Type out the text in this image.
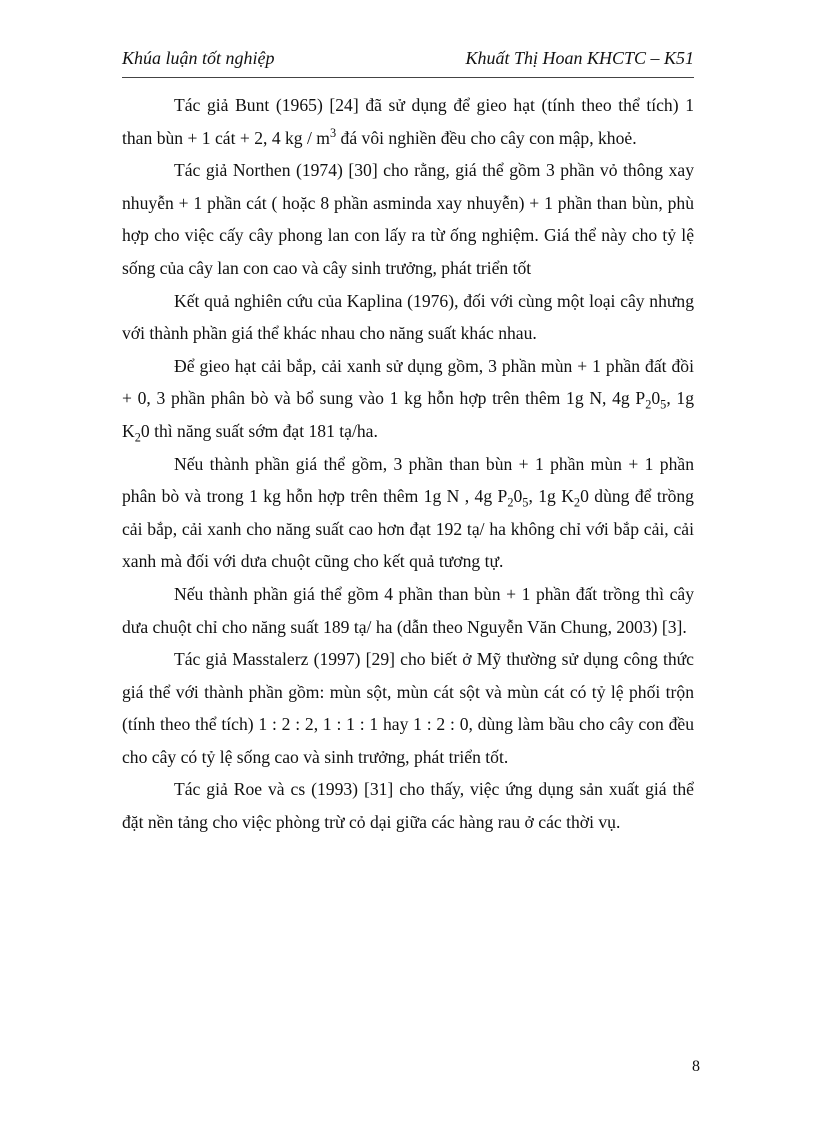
Khúa luận tốt nghiệp	Khuất Thị Hoan KHCTC – K51

Tác giả Bunt (1965) [24] đã sử dụng để gieo hạt (tính theo thể tích) 1 than bùn + 1 cát + 2, 4 kg / $m^3$ đá vôi nghiền đều cho cây con mập, khoẻ.

Tác giả Northen (1974) [30] cho rằng, giá thể gồm 3 phần vỏ thông xay nhuyễn + 1 phần cát ( hoặc 8 phần asminda xay nhuyễn) + 1 phần than bùn, phù hợp cho việc cấy cây phong lan con lấy ra từ ống nghiệm. Giá thể này cho tỷ lệ sống của cây lan con cao và cây sinh trưởng, phát triển tốt

Kết quả nghiên cứu của Kaplina (1976), đối với cùng một loại cây nhưng với thành phần giá thể khác nhau cho năng suất khác nhau.

Để gieo hạt cải bắp, cải xanh sử dụng gồm, 3 phần mùn + 1 phần đất đồi + 0, 3 phần phân bò và bổ sung vào 1 kg hỗn hợp trên thêm 1g N, 4g $P_20_5$, 1g $K_20$ thì năng suất sớm đạt 181 tạ/ha.

Nếu thành phần giá thể gồm, 3 phần than bùn + 1 phần mùn + 1 phần phân bò và trong 1 kg hỗn hợp trên thêm 1g N , 4g $P_20_5$, 1g $K_20$ dùng để trồng cải bắp, cải xanh cho năng suất cao hơn đạt 192 tạ/ ha không chỉ với bắp cải, cải xanh mà đối với dưa chuột cũng cho kết quả tương tự.

Nếu thành phần giá thể gồm 4 phần than bùn + 1 phần đất trồng thì cây dưa chuột chỉ cho năng suất 189 tạ/ ha (dẫn theo Nguyễn Văn Chung, 2003) [3].

Tác giả Masstalerz (1997) [29] cho biết ở Mỹ thường sử dụng công thức giá thể với thành phần gồm: mùn sột, mùn cát sột và mùn cát có tỷ lệ phối trộn (tính theo thể tích) 1 : 2 : 2, 1 : 1 : 1 hay 1 : 2 : 0, dùng làm bầu cho cây con đều cho cây có tỷ lệ sống cao và sinh trưởng, phát triển tốt.

Tác giả Roe và cs (1993) [31] cho thấy, việc ứng dụng sản xuất giá thể đặt nền tảng cho việc phòng trừ cỏ dại giữa các hàng rau ở các thời vụ.

8
